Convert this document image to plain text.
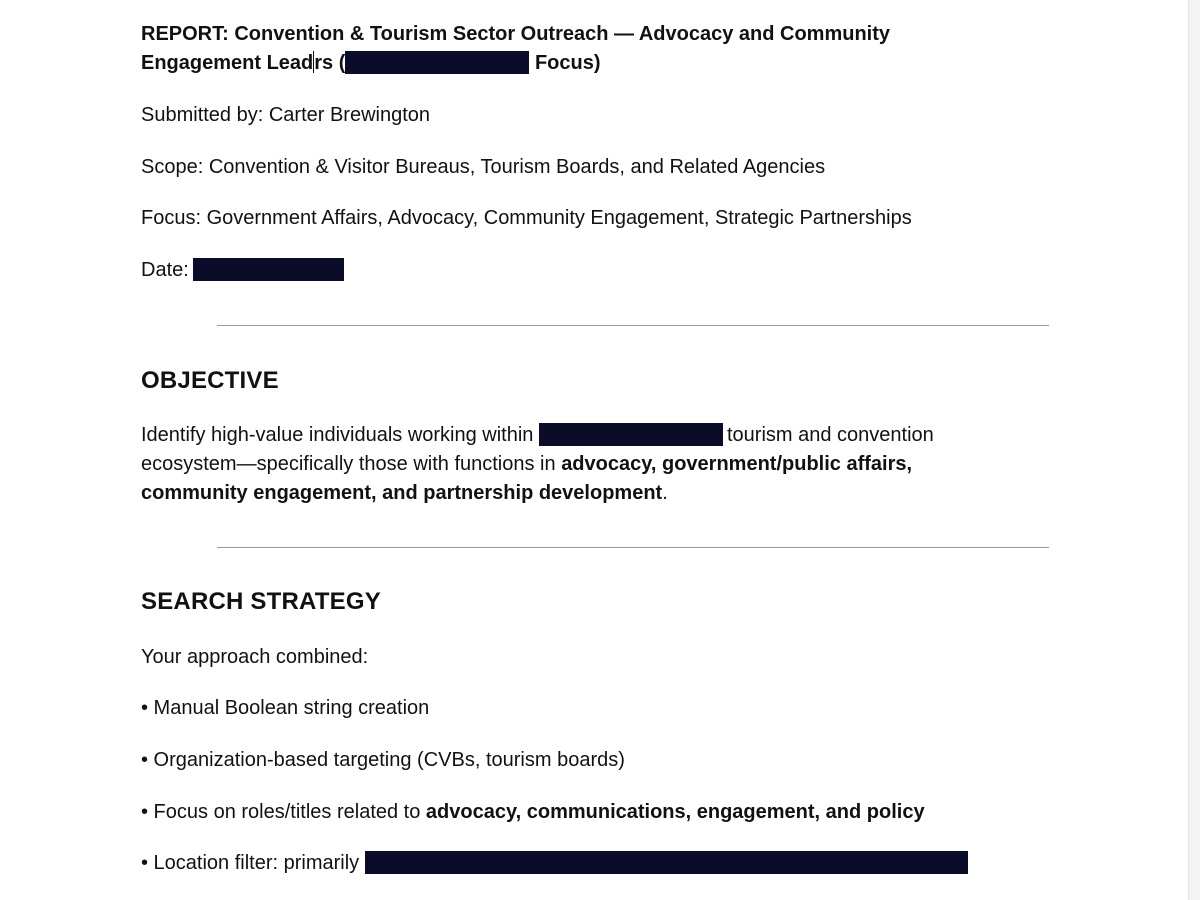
REPORT: Convention & Tourism Sector Outreach — Advocacy and Community
Engagement Leadrs (	Focus)

Submitted by: Carter Brewington

Scope: Convention & Visitor Bureaus, Tourism Boards, and Related Agencies

Focus: Government Affairs, Advocacy, Community Engagement, Strategic Partnerships

Date:

OBJECTIVE

Identify high-value individuals working within	tourism and convention
ecosystem—specifically those with functions in advocacy, government/public affairs,
community engagement, and partnership development.

SEARCH STRATEGY

Your approach combined:

• Manual Boolean string creation

• Organization-based targeting (CVBs, tourism boards)

• Focus on roles/titles related to advocacy, communications, engagement, and policy

• Location filter: primarily
